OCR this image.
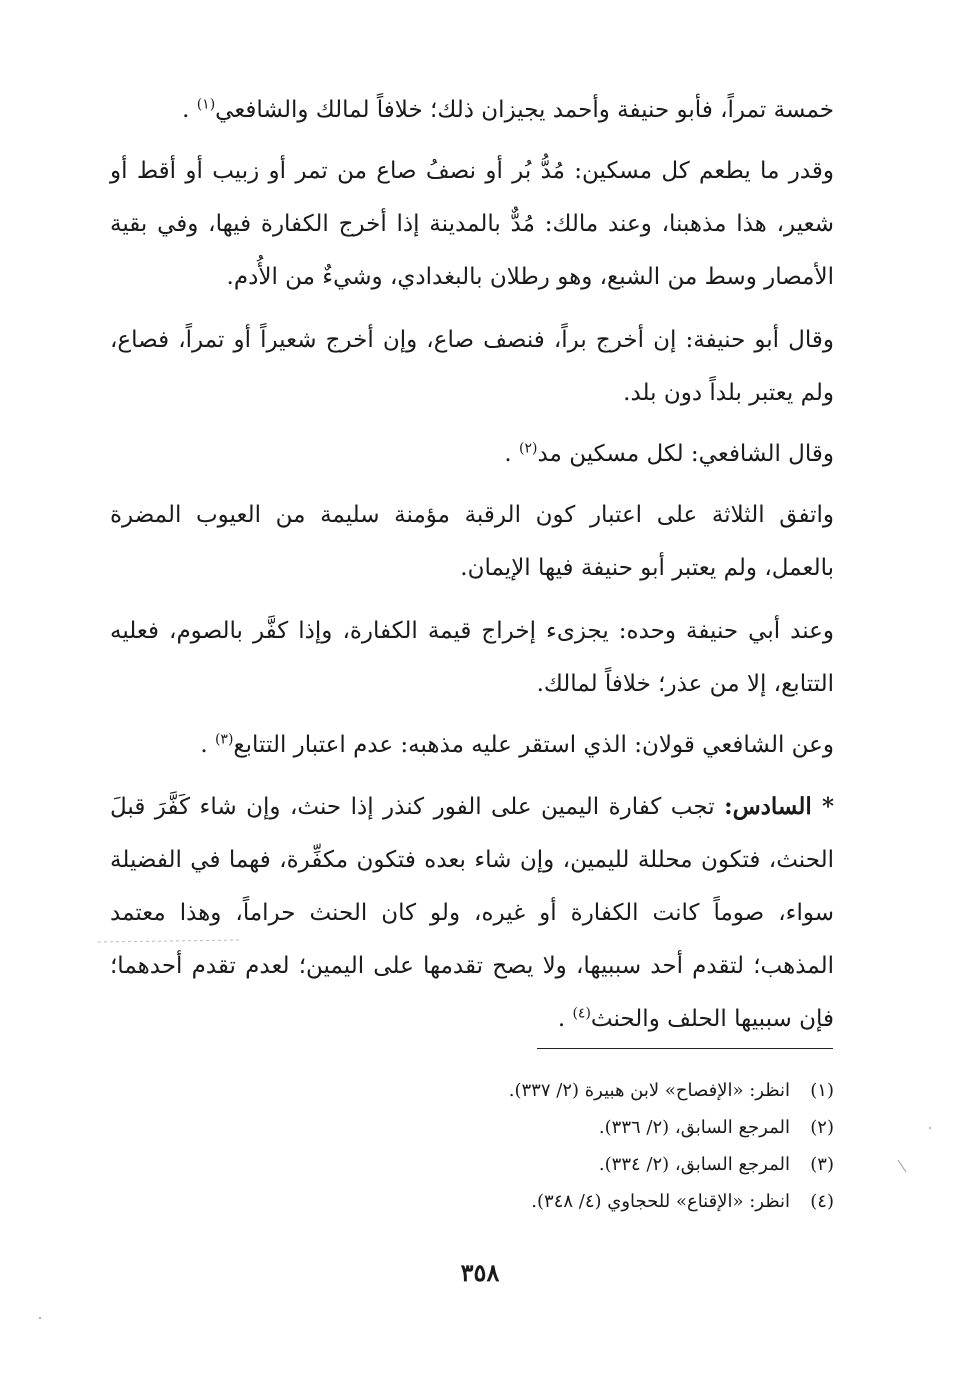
خمسة تمراً، فأبو حنيفة وأحمد يجيزان ذلك؛ خلافاً لمالك والشافعي$^{(١)}$ .

وقدر ما يطعم كل مسكين: مُدُّ بُر أو نصفُ صاع من تمر أو زبيب أو أقط أو شعير، هذا مذهبنا، وعند مالك: مُدٌّ بالمدينة إذا أخرج الكفارة فيها، وفي بقية الأمصار وسط من الشبع، وهو رطلان بالبغدادي، وشيءٌ من الأُدم.

وقال أبو حنيفة: إن أخرج براً، فنصف صاع، وإن أخرج شعيراً أو تمراً، فصاع، ولم يعتبر بلداً دون بلد.

وقال الشافعي: لكل مسكين مد$^{(٢)}$ .

واتفق الثلاثة على اعتبار كون الرقبة مؤمنة سليمة من العيوب المضرة بالعمل، ولم يعتبر أبو حنيفة فيها الإيمان.

وعند أبي حنيفة وحده: يجزىء إخراج قيمة الكفارة، وإذا كفَّر بالصوم، فعليه التتابع، إلا من عذر؛ خلافاً لمالك.

وعن الشافعي قولان: الذي استقر عليه مذهبه: عدم اعتبار التتابع$^{(٣)}$ .

* السادس: تجب كفارة اليمين على الفور كنذر إذا حنث، وإن شاء كَفَّرَ قبلَ الحنث، فتكون محللة لليمين، وإن شاء بعده فتكون مكفِّرة، فهما في الفضيلة سواء، صوماً كانت الكفارة أو غيره، ولو كان الحنث حراماً، وهذا معتمد المذهب؛ لتقدم أحد سببيها، ولا يصح تقدمها على اليمين؛ لعدم تقدم أحدهما؛ فإن سببيها الحلف والحنث$^{(٤)}$ .

(١)انظر: «الإفصاح» لابن هبيرة (٢/ ٣٣٧).
(٢)المرجع السابق، (٢/ ٣٣٦).
(٣)المرجع السابق، (٢/ ٣٣٤).
(٤)انظر: «الإقناع» للحجاوي (٤/ ٣٤٨).
٣٥٨
